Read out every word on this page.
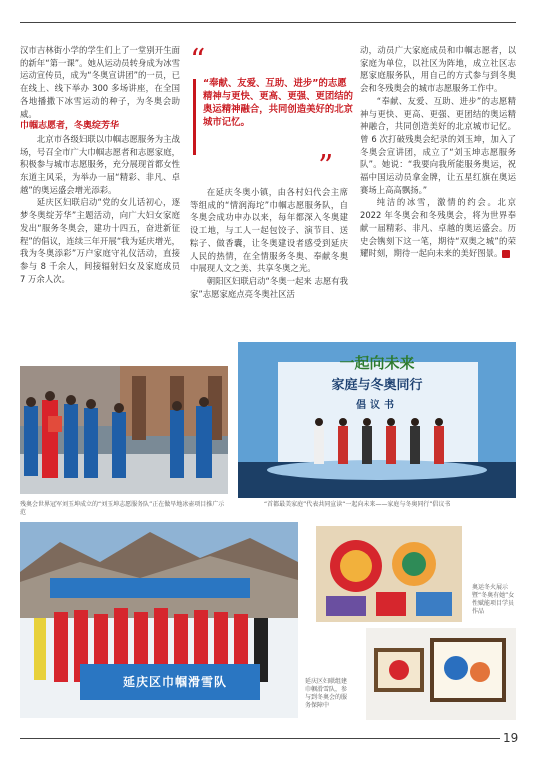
汉市吉林街小学的学生们上了一堂别开生面的新年“第一课”。她从运动员转身成为冰雪运动宣传员，成为“冬奥宣讲团”的一员，已在线上、线下举办 300 多场讲座，在全国各地播撒下冰雪运动的种子，为冬奥会助威。

巾帼志愿者，冬奥绽芳华

北京市各级妇联以巾帼志愿服务为主战场，号召全市广大巾帼志愿者和志愿家庭，积极参与城市志愿服务，充分展现首都女性东道主风采，为举办一届“精彩、非凡、卓越”的奥运盛会增光添彩。

延庆区妇联启动“党的女儿话初心，逐梦冬奥绽芳华”主题活动，向广大妇女家庭发出“服务冬奥会，建功十四五，奋进新征程”的倡议，连续三年开展“我为延庆增光，我为冬奥添彩”万户家庭守礼仪活动，直接参与 8 千余人，间接辐射妇女及家庭成员 7 万余人次。

“
“奉献、友爱、互助、进步”的志愿精神与更快、更高、更强、更团结的奥运精神融合，共同创造美好的北京城市记忆。
”

在延庆冬奥小镇，由各村妇代会主席等组成的“情润海坨”巾帼志愿服务队，自冬奥会成功申办以来，每年都深入冬奥建设工地，与工人一起包饺子、演节目、送粽子、做香囊，让冬奥建设者感受到延庆人民的热情，在全情服务冬奥、奉献冬奥中展现人文之美、共享冬奥之光。

朝阳区妇联启动“冬奥一起来 志愿有我家”志愿家庭点亮冬奥社区活

动，动员广大家庭成员和巾帼志愿者，以家庭为单位，以社区为阵地，成立社区志愿家庭服务队，用自己的方式参与到冬奥会和冬残奥会的城市志愿服务工作中。

“奉献、友爱、互助、进步”的志愿精神与更快、更高、更强、更团结的奥运精神融合，共同创造美好的北京城市记忆。曾 6 次打破残奥会纪录的刘玉坤，加入了冬奥会宣讲团，成立了“刘玉坤志愿服务队”。她说：“我要向我所能服务奥运，祝福中国运动员拿金牌，让五星红旗在奥运赛场上高高飘扬。”

纯洁的冰雪，激情的约会。北京 2022 年冬奥会和冬残奥会，将为世界奉献一届精彩、非凡、卓越的奥运盛会。历史会镌刻下这一笔，期待“双奥之城”的荣耀时刻，期待一起向未来的美好图景。	女

残奥会世界冠军刘玉坤成立的“刘玉坤志愿服务队”正在做旱地冰壶项目推广示范
一起向未来
家庭与冬奥同行
倡议书
“首都最美家庭”代表共同宣读“一起向未来——家庭与冬奥同行”倡议书
延庆区巾帼滑雪队	延庆区妇联组建巾帼滑雪队，参与到冬奥会的服务保障中
奥运冬火展示暨“冬奥有她”女性赋能项目学员作品
19
